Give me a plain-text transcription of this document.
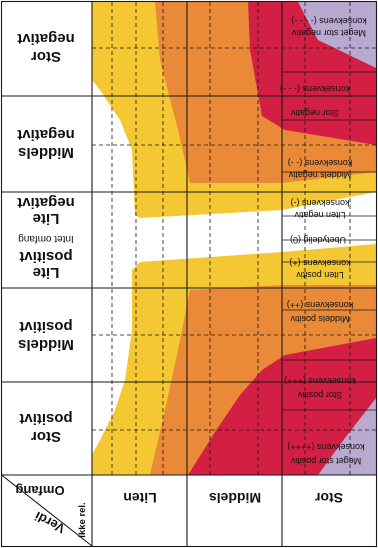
Stor
negativt
Middels
negativt
Lite
negativt
Intet omfang
Lite
positivt
Middels
positivt
Stor
positivt
Liten	Middels	Stor
Omfang
Verdi Ikke rel.
Meget stor negativ
konsekvens (- - - -)
Stor negativ
konsekvens (- - -)
Middels negativ
konsekvens (- -)
Liten negativ
konsekvens (-)
Ubetydelig (0)
Liten positiv
konsekvens (+)
Middels positiv
konsekvens (++)
Stor positiv
konsekvens (+++)
Meget stor positiv
konsekvens (++++)
